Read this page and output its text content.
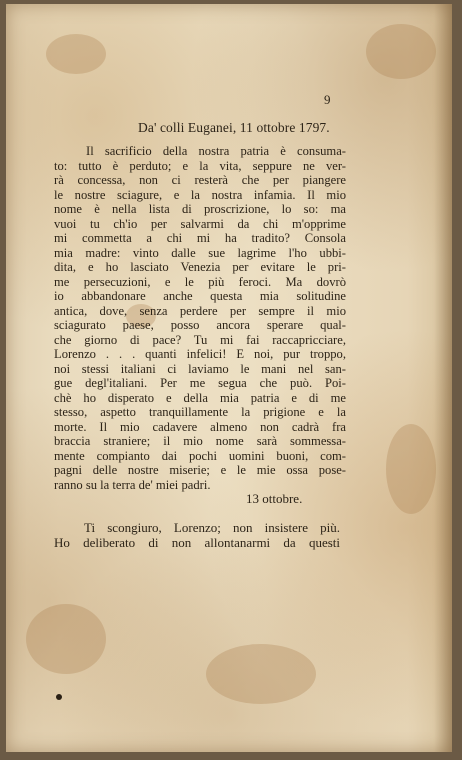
9
Da' colli Euganei, 11 ottobre 1797.
Il sacrificio della nostra patria è consuma-
to: tutto è perduto; e la vita, seppure ne ver-
rà concessa, non ci resterà che per piangere
le nostre sciagure, e la nostra infamia. Il mio
nome è nella lista di proscrizione, lo so: ma
vuoi tu ch'io per salvarmi da chi m'opprime
mi commetta a chi mi ha tradito? Consola
mia madre: vinto dalle sue lagrime l'ho ubbi-
dita, e ho lasciato Venezia per evitare le pri-
me persecuzioni, e le più feroci. Ma dovrò
io abbandonare anche questa mia solitudine
antica, dove, senza perdere per sempre il mio
sciagurato paese, posso ancora sperare qual-
che giorno di pace? Tu mi fai raccapricciare,
Lorenzo . . . quanti infelici! E noi, pur troppo,
noi stessi italiani ci laviamo le mani nel san-
gue degl'italiani. Per me segua che può. Poi-
chè ho disperato e della mia patria e di me
stesso, aspetto tranquillamente la prigione e la
morte. Il mio cadavere almeno non cadrà fra
braccia straniere; il mio nome sarà sommessa-
mente compianto dai pochi uomini buoni, com-
pagni delle nostre miserie; e le mie ossa pose-
ranno su la terra de' miei padri.
13 ottobre.
Ti scongiuro, Lorenzo; non insistere più.
Ho deliberato di non allontanarmi da questi
